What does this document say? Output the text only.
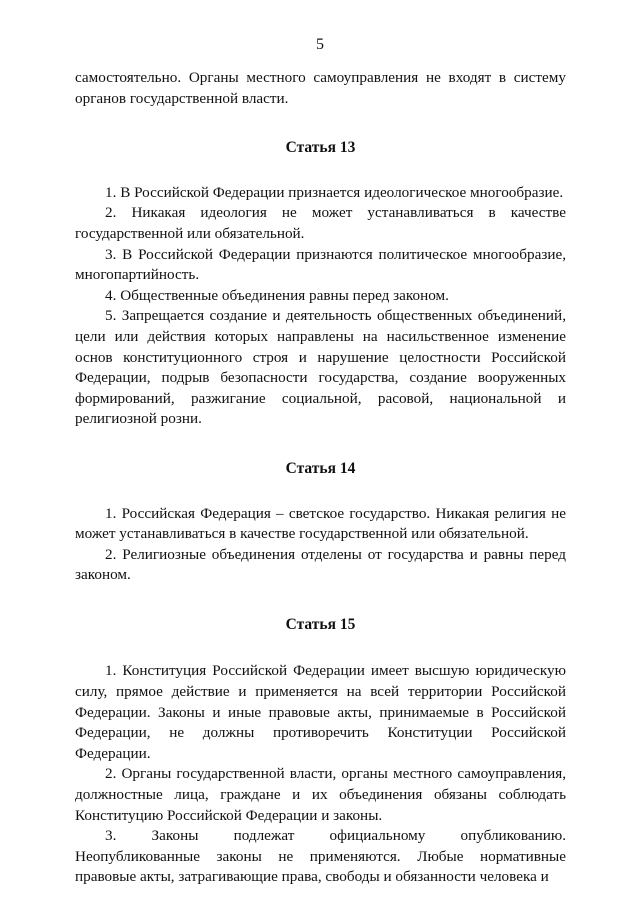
5

самостоятельно. Органы местного самоуправления не входят в систему органов государственной власти.

Статья 13

1. В Российской Федерации признается идеологическое многообразие.

2. Никакая идеология не может устанавливаться в качестве государственной или обязательной.

3. В Российской Федерации признаются политическое многообразие, многопартийность.

4. Общественные объединения равны перед законом.

5. Запрещается создание и деятельность общественных объединений, цели или действия которых направлены на насильственное изменение основ конституционного строя и нарушение целостности Российской Федерации, подрыв безопасности государства, создание вооруженных формирований, разжигание социальной, расовой, национальной и религиозной розни.

Статья 14

1. Российская Федерация – светское государство. Никакая религия не может устанавливаться в качестве государственной или обязательной.

2. Религиозные объединения отделены от государства и равны перед законом.

Статья 15

1. Конституция Российской Федерации имеет высшую юридическую силу, прямое действие и применяется на всей территории Российской Федерации. Законы и иные правовые акты, принимаемые в Российской Федерации, не должны противоречить Конституции Российской Федерации.

2. Органы государственной власти, органы местного самоуправления, должностные лица, граждане и их объединения обязаны соблюдать Конституцию Российской Федерации и законы.

3. Законы подлежат официальному опубликованию. Неопубликованные законы не применяются. Любые нормативные правовые акты, затрагивающие права, свободы и обязанности человека и
